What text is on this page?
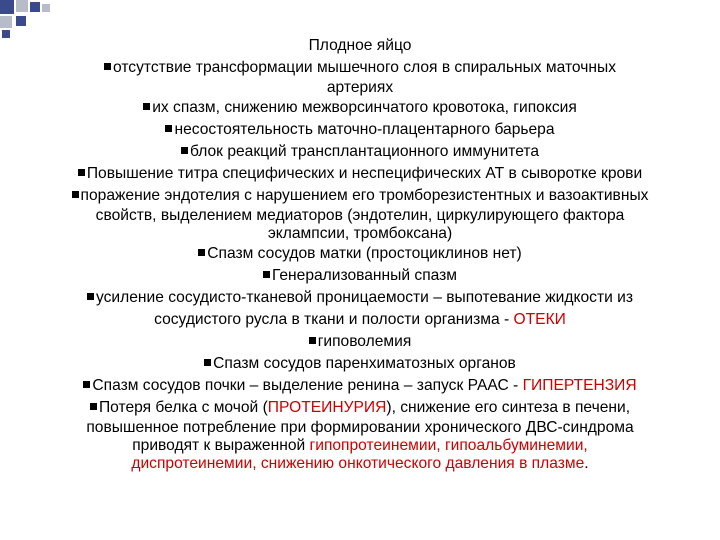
Плодное яйцо

отсутствие трансформации мышечного слоя в спиральных маточных

артериях

их спазм, снижению межворсинчатого кровотока, гипоксия

несостоятельность маточно-плацентарного барьера

блок реакций трансплантационного иммунитета

Повышение титра специфических и неспецифических АТ в сыворотке крови

поражение эндотелия с нарушением его тромборезистентных и вазоактивных

свойств, выделением медиаторов (эндотелин, циркулирующего фактора

эклампсии, тромбоксана)

Спазм сосудов матки (простоциклинов нет)

Генерализованный спазм

усиление сосудисто-тканевой проницаемости – выпотевание жидкости из

сосудистого русла в ткани и полости организма - ОТЕКИ

гиповолемия

Спазм сосудов паренхиматозных органов

Спазм сосудов почки – выделение ренина – запуск РААС - ГИПЕРТЕНЗИЯ

Потеря белка с мочой (ПРОТЕИНУРИЯ), снижение его синтеза в печени,

повышенное потребление при формировании хронического ДВС-синдрома

приводят к выраженной гипопротеинемии, гипоальбуминемии,

диспротеинемии, снижению онкотического давления в плазме.
